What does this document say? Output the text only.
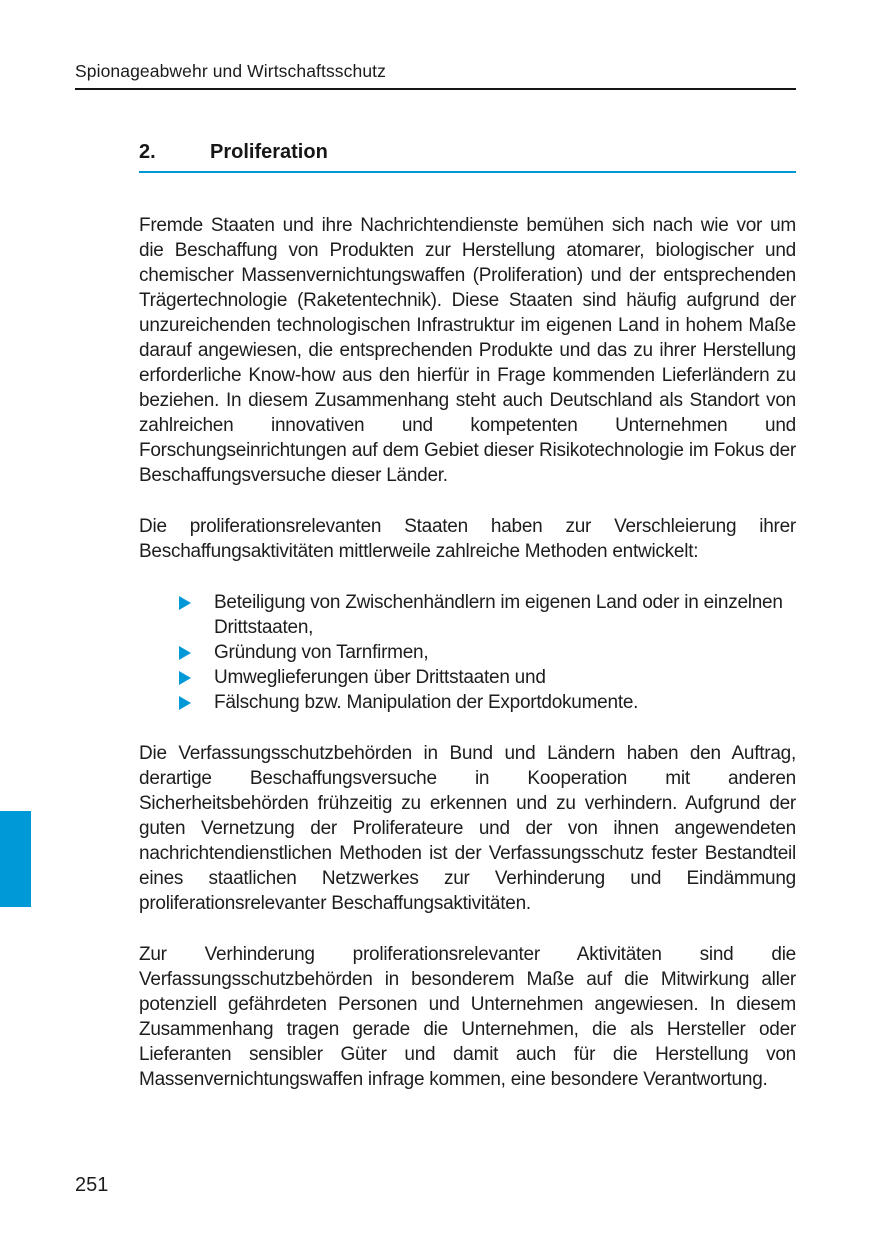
Spionageabwehr und Wirtschaftsschutz
2.	Proliferation

Fremde Staaten und ihre Nachrichtendienste bemühen sich nach wie vor um die Beschaffung von Produkten zur Herstellung atomarer, biologischer und chemischer Massenvernichtungswaffen (Proliferation) und der entsprechenden Trägertechnologie (Raketentechnik). Diese Staaten sind häufig aufgrund der unzureichenden technologischen Infrastruktur im eigenen Land in hohem Maße darauf angewiesen, die entsprechenden Produkte und das zu ihrer Herstellung erforderliche Know-how aus den hierfür in Frage kommenden Lieferländern zu beziehen. In diesem Zusammenhang steht auch Deutschland als Standort von zahlreichen innovativen und kompetenten Unternehmen und Forschungseinrichtungen auf dem Gebiet dieser Risikotechnologie im Fokus der Beschaffungsversuche dieser Länder.

Die proliferationsrelevanten Staaten haben zur Verschleierung ihrer Beschaffungsaktivitäten mittlerweile zahlreiche Methoden entwickelt:

Beteiligung von Zwischenhändlern im eigenen Land oder in einzelnen Drittstaaten,
Gründung von Tarnfirmen,
Umweglieferungen über Drittstaaten und
Fälschung bzw. Manipulation der Exportdokumente.

Die Verfassungsschutzbehörden in Bund und Ländern haben den Auftrag, derartige Beschaffungsversuche in Kooperation mit anderen Sicherheitsbehörden frühzeitig zu erkennen und zu verhindern. Aufgrund der guten Vernetzung der Proliferateure und der von ihnen angewendeten nachrichtendienstlichen Methoden ist der Verfassungsschutz fester Bestandteil eines staatlichen Netzwerkes zur Verhinderung und Eindämmung proliferationsrelevanter Beschaffungsaktivitäten.

Zur Verhinderung proliferationsrelevanter Aktivitäten sind die Verfassungsschutzbehörden in besonderem Maße auf die Mitwirkung aller potenziell gefährdeten Personen und Unternehmen angewiesen. In diesem Zusammenhang tragen gerade die Unternehmen, die als Hersteller oder Lieferanten sensibler Güter und damit auch für die Herstellung von Massenvernichtungswaffen infrage kommen, eine besondere Verantwortung.

251
